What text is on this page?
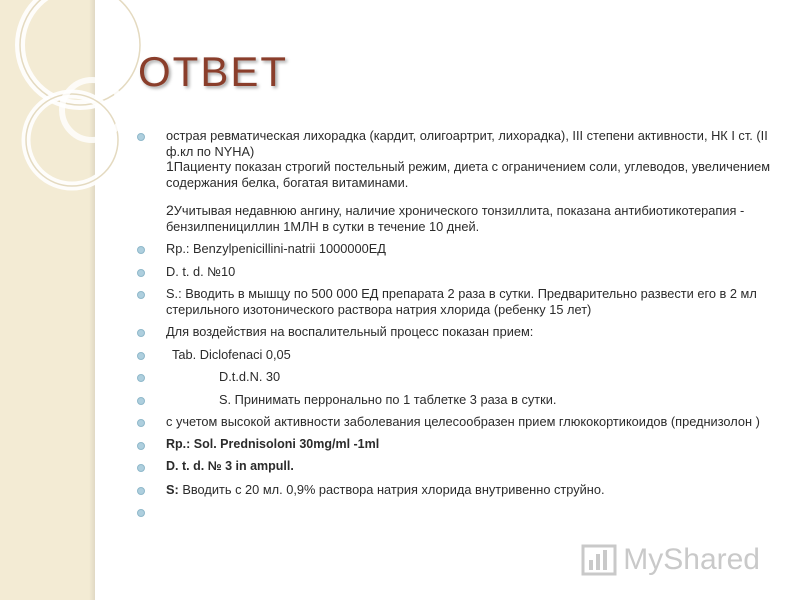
ОТВЕТ
острая ревматическая лихорадка (кардит, олигоартрит, лихорадка), III степени активности, НК I ст. (II ф.кл по NYHA)
1Пациенту показан строгий постельный режим, диета с ограничением соли, углеводов, увеличением содержания белка, богатая витаминами.
2Учитывая недавнюю ангину, наличие хронического тонзиллита, показана антибиотикотерапия - бензилпенициллин 1МЛН в сутки в течение 10 дней.
Rp.: Benzylpenicillini-natrii 1000000ЕД
D. t. d. №10
S.: Вводить в мышцу по 500 000 ЕД препарата 2 раза в сутки. Предварительно развести его в 2 мл стерильного изотонического раствора натрия хлорида (ребенку 15 лет)
Для воздействия на воспалительный процесс показан прием:
Tab. Diclofenaci 0,05
D.t.d.N. 30
S. Принимать перронально по 1 таблетке 3 раза в сутки.
с учетом высокой активности заболевания целесообразен прием глюкокортикоидов (преднизолон )
Rp.: Sol. Prednisoloni 30mg/ml -1ml
D. t. d. № 3 in ampull.
S: Вводить с 20 мл. 0,9% раствора натрия хлорида внутривенно струйно.
MyShared
